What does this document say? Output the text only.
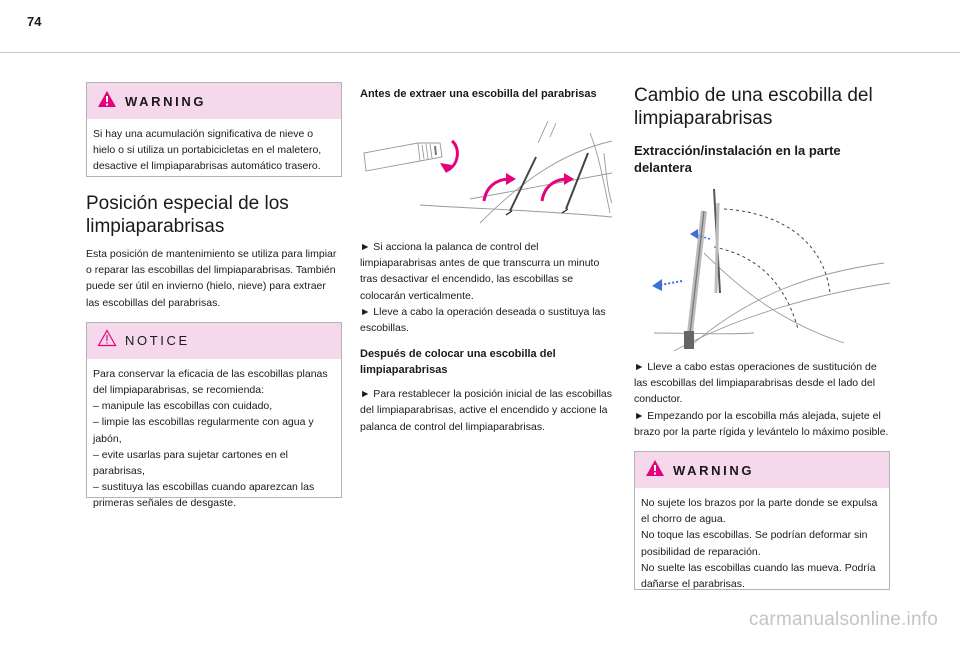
74
WARNING
Si hay una acumulación significativa de nieve o hielo o si utiliza un portabicicletas en el maletero, desactive el limpiaparabrisas automático trasero.
Posición especial de los limpiaparabrisas
Esta posición de mantenimiento se utiliza para limpiar o reparar las escobillas del limpiaparabrisas. También puede ser útil en invierno (hielo, nieve) para extraer las escobillas del parabrisas.
NOTICE
Para conservar la eficacia de las escobillas planas del limpiaparabrisas, se recomienda:
– manipule las escobillas con cuidado,
– limpie las escobillas regularmente con agua y jabón,
– evite usarlas para sujetar cartones en el parabrisas,
– sustituya las escobillas cuando aparezcan las primeras señales de desgaste.
Antes de extraer una escobilla del parabrisas
► Si acciona la palanca de control del limpiaparabrisas antes de que transcurra un minuto tras desactivar el encendido, las escobillas se colocarán verticalmente.
► Lleve a cabo la operación deseada o sustituya las escobillas.
Después de colocar una escobilla del limpiaparabrisas
► Para restablecer la posición inicial de las escobillas del limpiaparabrisas, active el encendido y accione la palanca de control del limpiaparabrisas.
Cambio de una escobilla del limpiaparabrisas
Extracción/instalación en la parte delantera
► Lleve a cabo estas operaciones de sustitución de las escobillas del limpiaparabrisas desde el lado del conductor.
► Empezando por la escobilla más alejada, sujete el brazo por la parte rígida y levántelo lo máximo posible.
WARNING
No sujete los brazos por la parte donde se expulsa el chorro de agua.
No toque las escobillas. Se podrían deformar sin posibilidad de reparación.
No suelte las escobillas cuando las mueva. Podría dañarse el parabrisas.
carmanualsonline.info
